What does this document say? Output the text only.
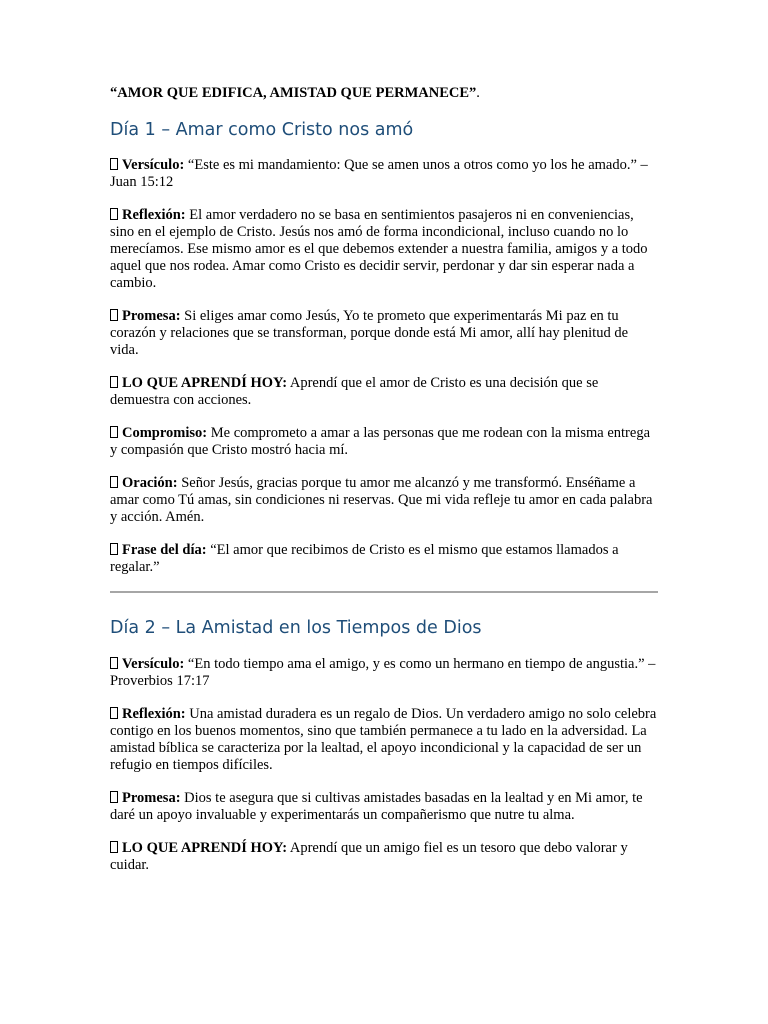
“AMOR QUE EDIFICA, AMISTAD QUE PERMANECE”.

Día 1 – Amar como Cristo nos amó

Versículo: “Este es mi mandamiento: Que se amen unos a otros como yo los he amado.” – Juan 15:12

Reflexión: El amor verdadero no se basa en sentimientos pasajeros ni en conveniencias, sino en el ejemplo de Cristo. Jesús nos amó de forma incondicional, incluso cuando no lo merecíamos. Ese mismo amor es el que debemos extender a nuestra familia, amigos y a todo aquel que nos rodea. Amar como Cristo es decidir servir, perdonar y dar sin esperar nada a cambio.

Promesa: Si eliges amar como Jesús, Yo te prometo que experimentarás Mi paz en tu corazón y relaciones que se transforman, porque donde está Mi amor, allí hay plenitud de vida.

LO QUE APRENDÍ HOY: Aprendí que el amor de Cristo es una decisión que se demuestra con acciones.

Compromiso: Me comprometo a amar a las personas que me rodean con la misma entrega y compasión que Cristo mostró hacia mí.

Oración: Señor Jesús, gracias porque tu amor me alcanzó y me transformó. Enséñame a amar como Tú amas, sin condiciones ni reservas. Que mi vida refleje tu amor en cada palabra y acción. Amén.

Frase del día: “El amor que recibimos de Cristo es el mismo que estamos llamados a regalar.”

Día 2 – La Amistad en los Tiempos de Dios

Versículo: “En todo tiempo ama el amigo, y es como un hermano en tiempo de angustia.” – Proverbios 17:17

Reflexión: Una amistad duradera es un regalo de Dios. Un verdadero amigo no solo celebra contigo en los buenos momentos, sino que también permanece a tu lado en la adversidad. La amistad bíblica se caracteriza por la lealtad, el apoyo incondicional y la capacidad de ser un refugio en tiempos difíciles.

Promesa: Dios te asegura que si cultivas amistades basadas en la lealtad y en Mi amor, te daré un apoyo invaluable y experimentarás un compañerismo que nutre tu alma.

LO QUE APRENDÍ HOY: Aprendí que un amigo fiel es un tesoro que debo valorar y cuidar.
